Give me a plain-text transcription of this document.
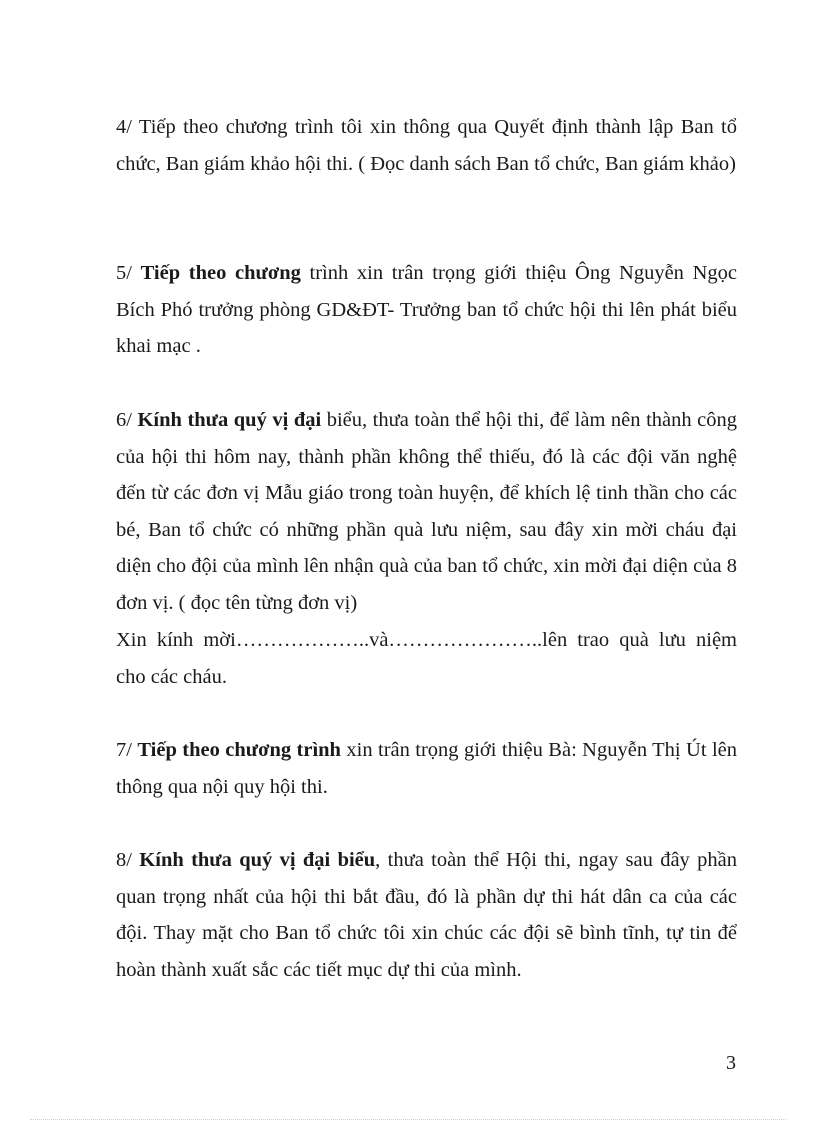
4/ Tiếp theo chương trình tôi xin thông qua Quyết định thành lập Ban tổ chức, Ban giám khảo hội thi. ( Đọc danh sách Ban tổ chức, Ban giám khảo)

5/ Tiếp theo chương trình xin trân trọng giới thiệu Ông Nguyễn Ngọc Bích Phó trưởng phòng GD&ĐT- Trưởng ban tổ chức hội thi lên phát biểu khai mạc .

6/ Kính thưa quý vị đại biểu, thưa toàn thể hội thi, để làm nên thành công của hội thi hôm nay, thành phần không thể thiếu, đó là các đội văn nghệ đến từ các đơn vị Mẫu giáo trong toàn huyện, để khích lệ tinh thần cho các bé, Ban tổ chức có những phần quà lưu niệm, sau đây xin mời cháu đại diện cho đội của mình lên nhận quà của ban tổ chức, xin mời đại diện của 8 đơn vị. ( đọc tên từng đơn vị)

Xin kính mời………………..và…………………..lên trao quà lưu niệm cho các cháu.

7/ Tiếp theo chương trình xin trân trọng giới thiệu Bà: Nguyễn Thị Út lên thông qua nội quy hội thi.

8/ Kính thưa quý vị đại biểu, thưa toàn thể Hội thi, ngay sau đây phần quan trọng nhất của hội thi bắt đầu, đó là phần dự thi hát dân ca của các đội. Thay mặt cho Ban tổ chức tôi xin chúc các đội sẽ bình tĩnh, tự tin để hoàn thành xuất sắc các tiết mục dự thi của mình.

3
